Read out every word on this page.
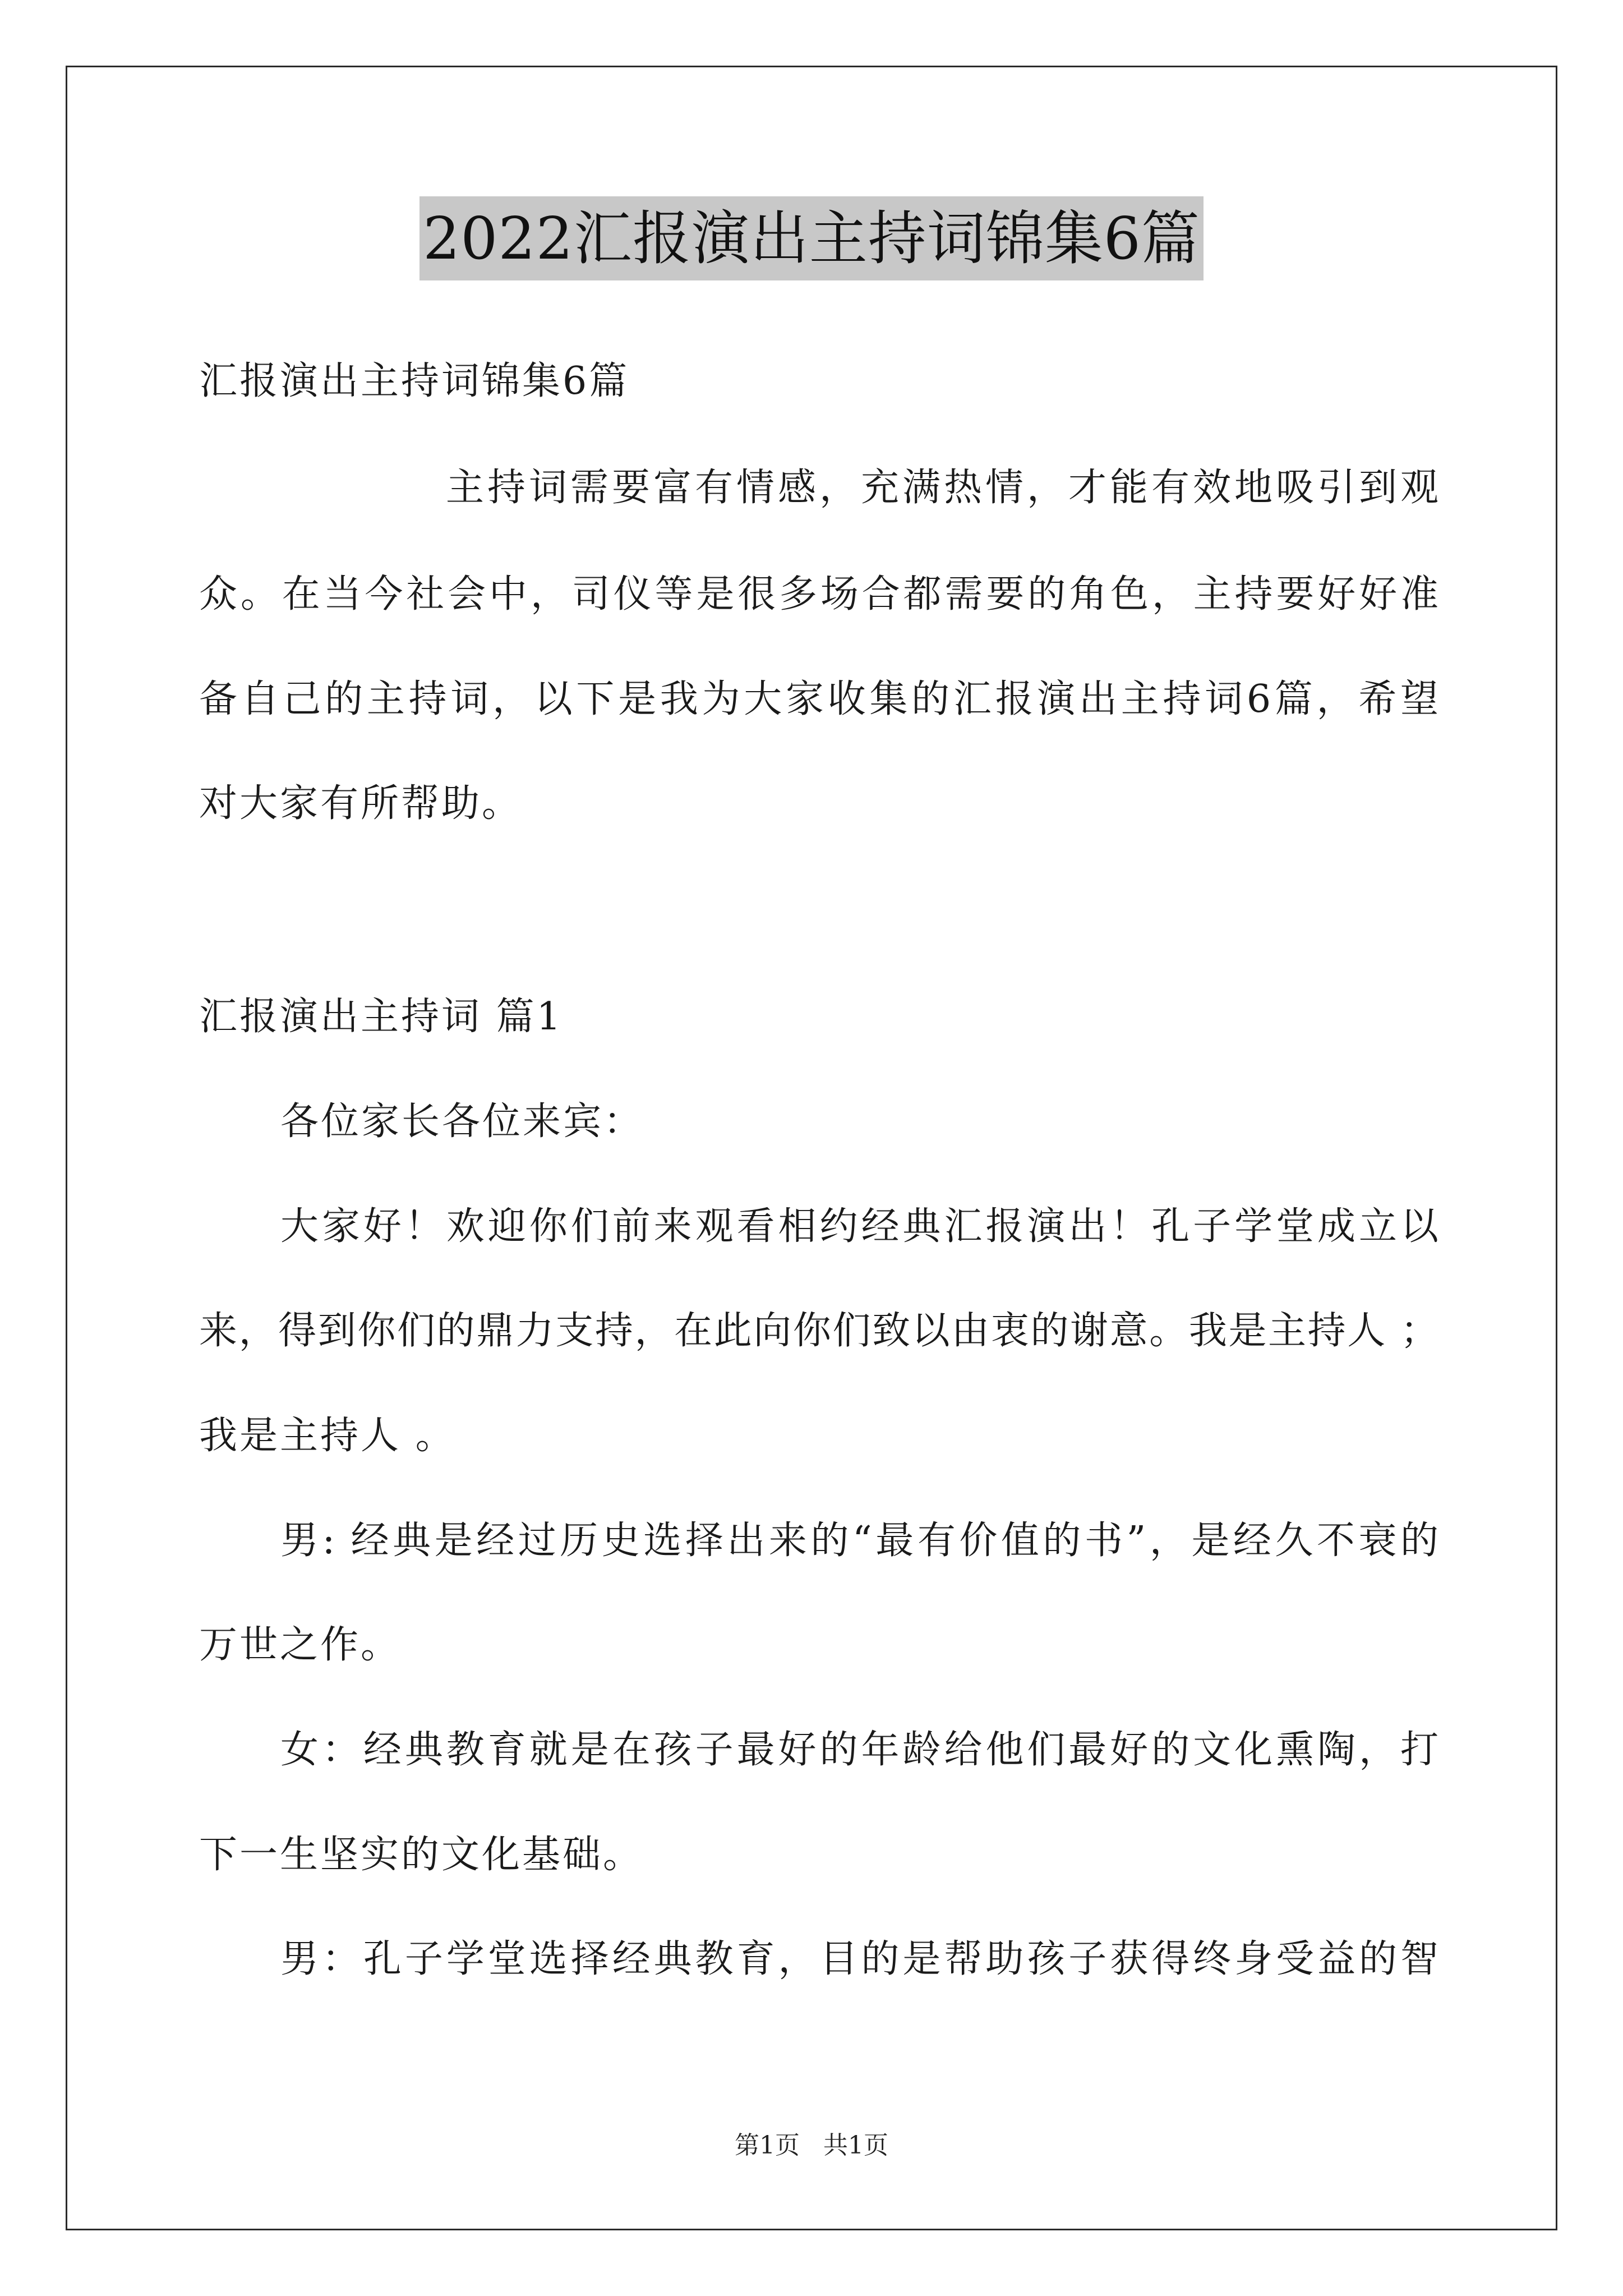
2022汇报演出主持词锦集6篇

汇报演出主持词锦集6篇

主持词需要富有情感，充满热情，才能有效地吸引到观

众。在当今社会中，司仪等是很多场合都需要的角色，主持要好好准

备自己的主持词，以下是我为大家收集的汇报演出主持词6篇，希望

对大家有所帮助。

汇报演出主持词 篇1

各位家长各位来宾：

大家好！欢迎你们前来观看相约经典汇报演出！孔子学堂成立以

来，得到你们的鼎力支持，在此向你们致以由衷的谢意。我是主持人 ；

我是主持人 。

男: 经典是经过历史选择出来的“最有价值的书”，是经久不衰的

万世之作。

女：经典教育就是在孩子最好的年龄给他们最好的文化熏陶，打

下一生坚实的文化基础。

男：孔子学堂选择经典教育，目的是帮助孩子获得终身受益的智

第1页   共1页
